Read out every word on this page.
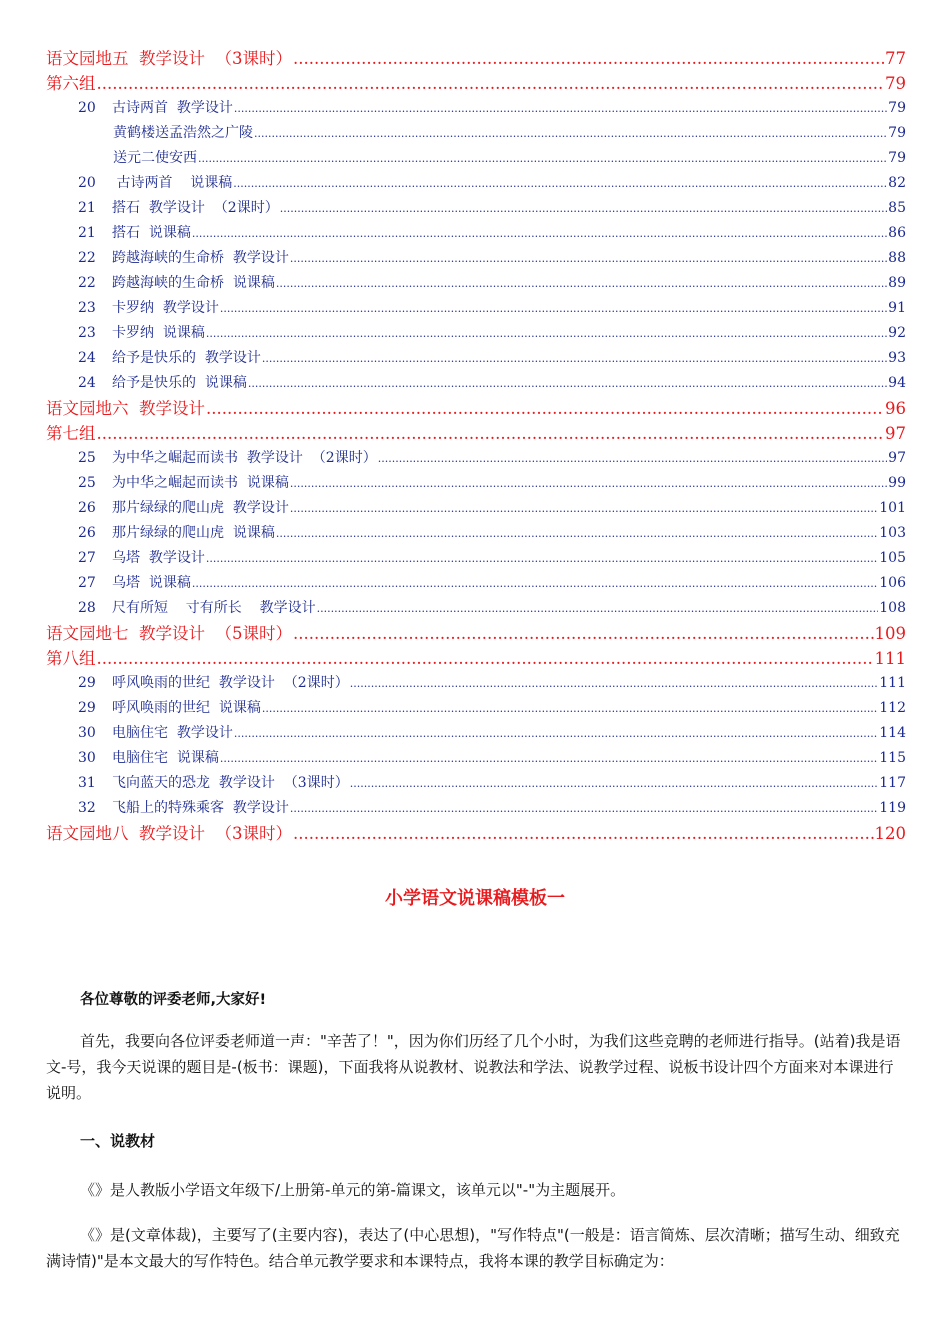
语文园地五  教学设计  （3课时） .....	77
第六组 .....	79
20 古诗两首  教学设计 .....	79
黄鹤楼送孟浩然之广陵 .....	79
送元二使安西 .....	79
20 古诗两首    说课稿 .....	82
21 搭石  教学设计  （2课时） .....	85
21 搭石  说课稿 .....	86
22 跨越海峡的生命桥  教学设计 .....	88
22 跨越海峡的生命桥  说课稿 .....	89
23 卡罗纳  教学设计 .....	91
23 卡罗纳  说课稿 .....	92
24 给予是快乐的  教学设计 .....	93
24 给予是快乐的  说课稿 .....	94
语文园地六  教学设计 .....	96
第七组 .....	97
25 为中华之崛起而读书  教学设计  （2课时） .....	97
25 为中华之崛起而读书  说课稿 .....	99
26 那片绿绿的爬山虎  教学设计 .....	101
26 那片绿绿的爬山虎  说课稿 .....	103
27 乌塔  教学设计 .....	105
27 乌塔  说课稿 .....	106
28 尺有所短    寸有所长    教学设计 .....	108
语文园地七  教学设计  （5课时） .....	109
第八组 .....	111
29 呼风唤雨的世纪  教学设计  （2课时） .....	111
29 呼风唤雨的世纪  说课稿 .....	112
30 电脑住宅  教学设计 .....	114
30 电脑住宅  说课稿 .....	115
31 飞向蓝天的恐龙  教学设计  （3课时） .....	117
32 飞船上的特殊乘客  教学设计 .....	119
语文园地八  教学设计  （3课时） .....	120
小学语文说课稿模板一
各位尊敬的评委老师,大家好!
首先，我要向各位评委老师道一声："辛苦了！"，因为你们历经了几个小时，为我们这些竞聘的老师进行指导。(站着)我是语文-号，我今天说课的题目是-(板书：课题)，下面我将从说教材、说教法和学法、说教学过程、说板书设计四个方面来对本课进行说明。
一、说教材
《》是人教版小学语文年级下/上册第-单元的第-篇课文，该单元以"-"为主题展开。
《》是(文章体裁)，主要写了(主要内容)，表达了(中心思想)，"写作特点"(一般是：语言简炼、层次清晰；描写生动、细致充满诗情)"是本文最大的写作特色。结合单元教学要求和本课特点，我将本课的教学目标确定为：
